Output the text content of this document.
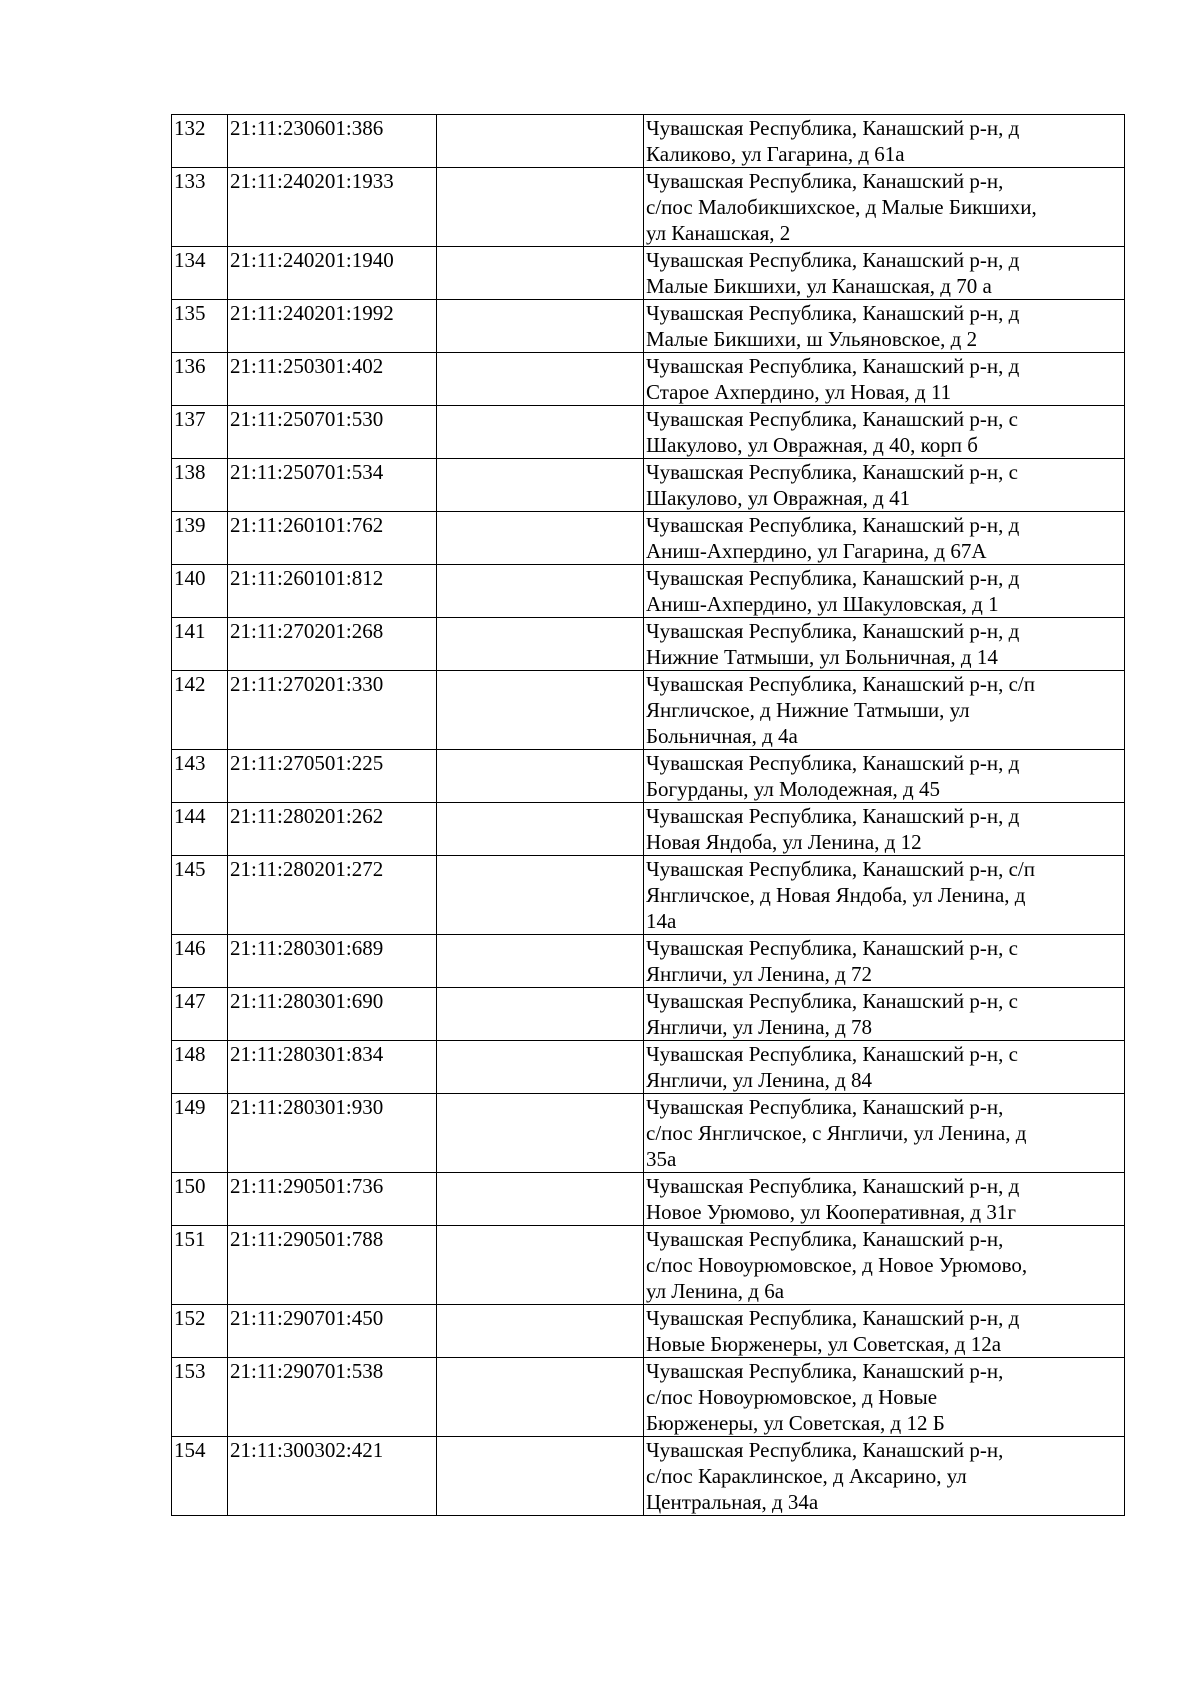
132	21:11:230601:386		Чувашская Республика, Канашский р-н, д
Каликово, ул Гагарина, д 61а

133	21:11:240201:1933		Чувашская Республика, Канашский р-н,
с/пос Малобикшихское, д Малые Бикшихи,
ул Канашская, 2

134	21:11:240201:1940		Чувашская Республика, Канашский р-н, д
Малые Бикшихи, ул Канашская, д 70 а

135	21:11:240201:1992		Чувашская Республика, Канашский р-н, д
Малые Бикшихи, ш Ульяновское, д 2

136	21:11:250301:402		Чувашская Республика, Канашский р-н, д
Старое Ахпердино, ул Новая, д 11

137	21:11:250701:530		Чувашская Республика, Канашский р-н, с
Шакулово, ул Овражная, д 40, корп б

138	21:11:250701:534		Чувашская Республика, Канашский р-н, с
Шакулово, ул Овражная, д 41

139	21:11:260101:762		Чувашская Республика, Канашский р-н, д
Аниш-Ахпердино, ул Гагарина, д 67А

140	21:11:260101:812		Чувашская Республика, Канашский р-н, д
Аниш-Ахпердино, ул Шакуловская, д 1

141	21:11:270201:268		Чувашская Республика, Канашский р-н, д
Нижние Татмыши, ул Больничная, д 14

142	21:11:270201:330		Чувашская Республика, Канашский р-н, с/п
Янгличское, д Нижние Татмыши, ул
Больничная, д 4а

143	21:11:270501:225		Чувашская Республика, Канашский р-н, д
Богурданы, ул Молодежная, д 45

144	21:11:280201:262		Чувашская Республика, Канашский р-н, д
Новая Яндоба, ул Ленина, д 12

145	21:11:280201:272		Чувашская Республика, Канашский р-н, с/п
Янгличское, д Новая Яндоба, ул Ленина, д
14а

146	21:11:280301:689		Чувашская Республика, Канашский р-н, с
Янгличи, ул Ленина, д 72

147	21:11:280301:690		Чувашская Республика, Канашский р-н, с
Янгличи, ул Ленина, д 78

148	21:11:280301:834		Чувашская Республика, Канашский р-н, с
Янгличи, ул Ленина, д 84

149	21:11:280301:930		Чувашская Республика, Канашский р-н,
с/пос Янгличское, с Янгличи, ул Ленина, д
35а

150	21:11:290501:736		Чувашская Республика, Канашский р-н, д
Новое Урюмово, ул Кооперативная, д 31г

151	21:11:290501:788		Чувашская Республика, Канашский р-н,
с/пос Новоурюмовское, д Новое Урюмово,
ул Ленина, д 6а

152	21:11:290701:450		Чувашская Республика, Канашский р-н, д
Новые Бюрженеры, ул Советская, д 12а

153	21:11:290701:538		Чувашская Республика, Канашский р-н,
с/пос Новоурюмовское, д Новые
Бюрженеры, ул Советская, д 12 Б

154	21:11:300302:421		Чувашская Республика, Канашский р-н,
с/пос Караклинское, д Аксарино, ул
Центральная, д 34а
